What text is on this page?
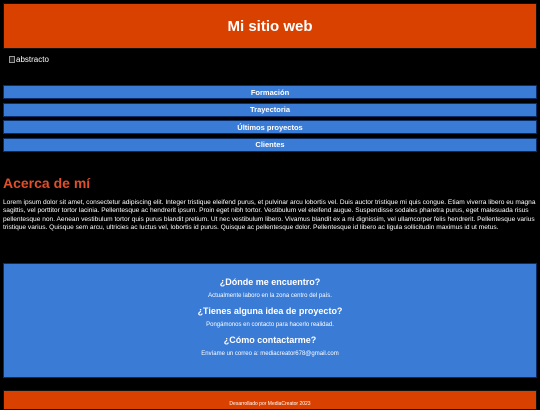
Mi sitio web
abstracto
Formación
Trayectoria
Últimos proyectos
Clientes
Acerca de mí

Lorem ipsum dolor sit amet, consectetur adipiscing elit. Integer tristique eleifend purus, et pulvinar arcu lobortis vel. Duis auctor tristique mi quis congue. Etiam viverra libero eu magna sagittis, vel porttitor tortor lacinia. Pellentesque ac hendrerit ipsum. Proin eget nibh tortor. Vestibulum vel eleifend augue. Suspendisse sodales pharetra purus, eget malesuada risus pellentesque non. Aenean vestibulum tortor quis purus blandit pretium. Ut nec vestibulum libero. Vivamus blandit ex a mi dignissim, vel ullamcorper felis hendrerit. Pellentesque varius tristique varius. Quisque sem arcu, ultricies ac luctus vel, lobortis id purus. Quisque ac pellentesque dolor. Pellentesque id libero ac ligula sollicitudin maximus id ut metus.

¿Dónde me encuentro?

Actualmente laboro en la zona centro del país.

¿Tienes alguna idea de proyecto?

Pongámonos en contacto para hacerlo realidad.

¿Cómo contactarme?

Envíame un correo a: mediacreator678@gmail.com

Desarrollado por MediaCreator 2023
